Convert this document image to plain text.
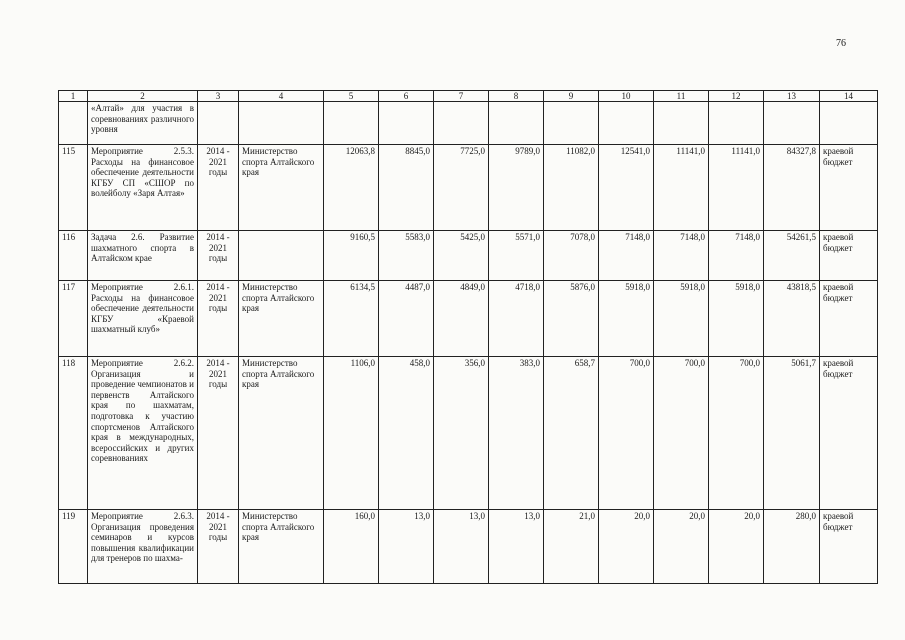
76
1	2	3	4	5	6	7	8	9	10	11	12	13	14
	«Алтай» для участия в соревнованиях различного уровня												
115	Мероприятие 2.5.3. Расходы на финансовое обеспечение деятельности КГБУ СП «СШОР по волейболу «Заря Алтая»	2014 - 2021 годы	Министерство спорта Алтайского края	12063,8	8845,0	7725,0	9789,0	11082,0	12541,0	11141,0	11141,0	84327,8	краевой бюджет
116	Задача 2.6. Развитие шахматного спорта в Алтайском крае	2014 - 2021 годы		9160,5	5583,0	5425,0	5571,0	7078,0	7148,0	7148,0	7148,0	54261,5	краевой бюджет
117	Мероприятие 2.6.1. Расходы на финансовое обеспечение деятельности КГБУ «Краевой шахматный клуб»	2014 - 2021 годы	Министерство спорта Алтайского края	6134,5	4487,0	4849,0	4718,0	5876,0	5918,0	5918,0	5918,0	43818,5	краевой бюджет
118	Мероприятие 2.6.2. Организация и проведение чемпионатов и первенств Алтайского края по шахматам, подготовка к участию спортсменов Алтайского края в международных, всероссийских и других соревнованиях	2014 - 2021 годы	Министерство спорта Алтайского края	1106,0	458,0	356,0	383,0	658,7	700,0	700,0	700,0	5061,7	краевой бюджет
119	Мероприятие 2.6.3. Организация проведения семинаров и курсов повышения квалификации для тренеров по шахма-	2014 - 2021 годы	Министерство спорта Алтайского края	160,0	13,0	13,0	13,0	21,0	20,0	20,0	20,0	280,0	краевой бюджет
